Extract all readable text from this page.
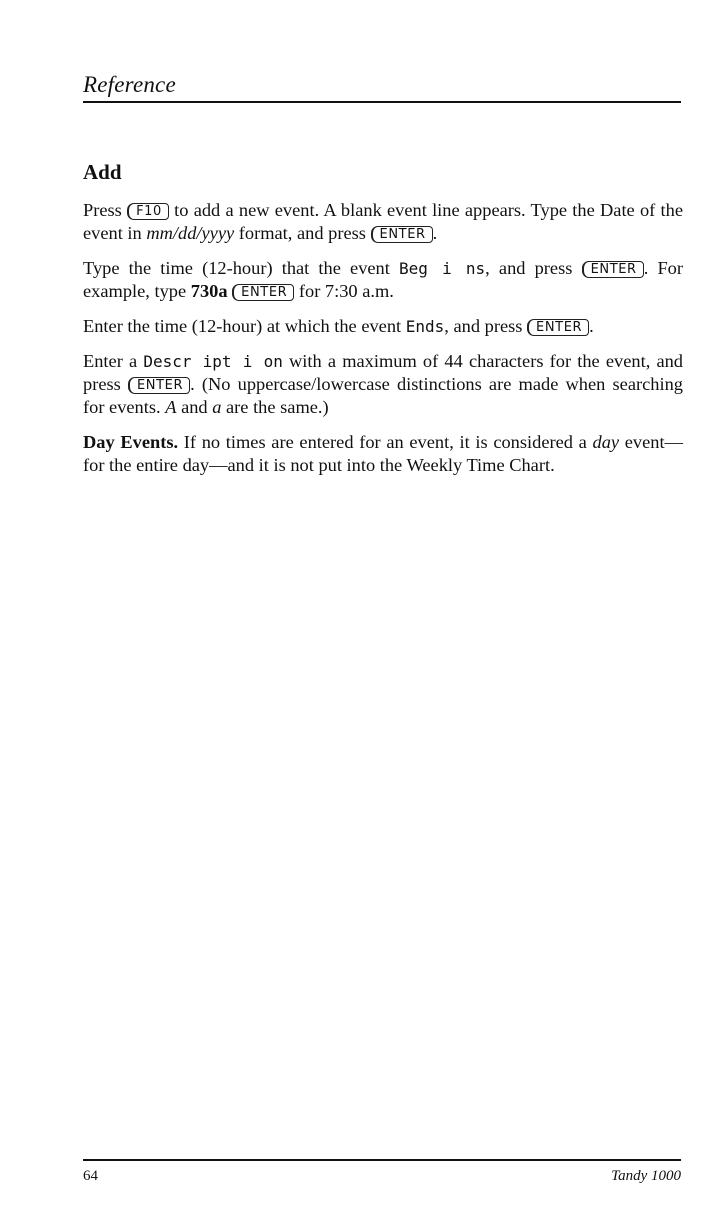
Reference
Add

Press F10 to add a new event. A blank event line appears. Type the Date of the event in mm/dd/yyyy format, and press ENTER .

Type the time (12-hour) that the event Beg i ns, and press ENTER . For example, type 730a ENTER for 7:30 a.m.

Enter the time (12-hour) at which the event Ends, and press ENTER .

Enter a Descr ipt i on with a maximum of 44 characters for the event, and press ENTER . (No uppercase/lowercase distinctions are made when searching for events. A and a are the same.)

Day Events. If no times are entered for an event, it is considered a day event—for the entire day—and it is not put into the Weekly Time Chart.

64	Tandy 1000
